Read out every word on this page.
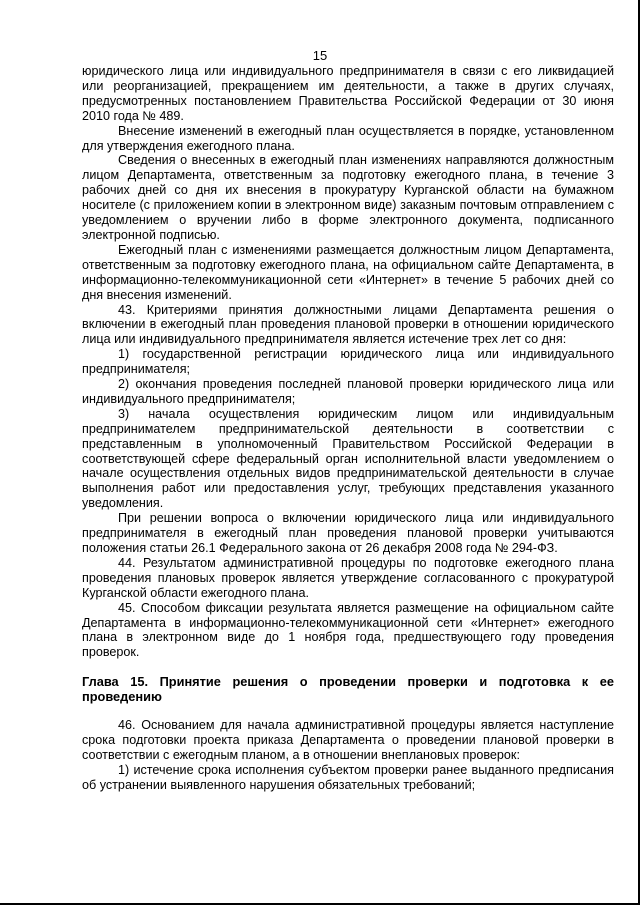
15

юридического лица или индивидуального предпринимателя в связи с его ликвидацией или реорганизацией, прекращением им деятельности, а также в других случаях, предусмотренных постановлением Правительства Российской Федерации от 30 июня 2010 года № 489.

Внесение изменений в ежегодный план осуществляется в порядке, установленном для утверждения ежегодного плана.

Сведения о внесенных в ежегодный план изменениях направляются должностным лицом Департамента, ответственным за подготовку ежегодного плана, в течение 3 рабочих дней со дня их внесения в прокуратуру Курганской области на бумажном носителе (с приложением копии в электронном виде) заказным почтовым отправлением с уведомлением о вручении либо в форме электронного документа, подписанного электронной подписью.

Ежегодный план с изменениями размещается должностным лицом Департамента, ответственным за подготовку ежегодного плана, на официальном сайте Департамента, в информационно-телекоммуникационной сети «Интернет» в течение 5 рабочих дней со дня внесения изменений.

43. Критериями принятия должностными лицами Департамента решения о включении в ежегодный план проведения плановой проверки в отношении юридического лица или индивидуального предпринимателя является истечение трех лет со дня:

1) государственной регистрации юридического лица или индивидуального предпринимателя;

2) окончания проведения последней плановой проверки юридического лица или индивидуального предпринимателя;

3) начала осуществления юридическим лицом или индивидуальным предпринимателем предпринимательской деятельности в соответствии с представленным в уполномоченный Правительством Российской Федерации в соответствующей сфере федеральный орган исполнительной власти уведомлением о начале осуществления отдельных видов предпринимательской деятельности в случае выполнения работ или предоставления услуг, требующих представления указанного уведомления.

При решении вопроса о включении юридического лица или индивидуального предпринимателя в ежегодный план проведения плановой проверки учитываются положения статьи 26.1 Федерального закона от 26 декабря 2008 года № 294-ФЗ.

44. Результатом административной процедуры по подготовке ежегодного плана проведения плановых проверок является утверждение согласованного с прокуратурой Курганской области ежегодного плана.

45. Способом фиксации результата является размещение на официальном сайте Департамента в информационно-телекоммуникационной сети «Интернет» ежегодного плана в электронном виде до 1 ноября года, предшествующего году проведения проверок.

Глава 15. Принятие решения о проведении проверки и подготовка к ее проведению

46. Основанием для начала административной процедуры является наступление срока подготовки проекта приказа Департамента о проведении плановой проверки в соответствии с ежегодным планом, а в отношении внеплановых проверок:

1) истечение срока исполнения субъектом проверки ранее выданного предписания об устранении выявленного нарушения обязательных требований;
